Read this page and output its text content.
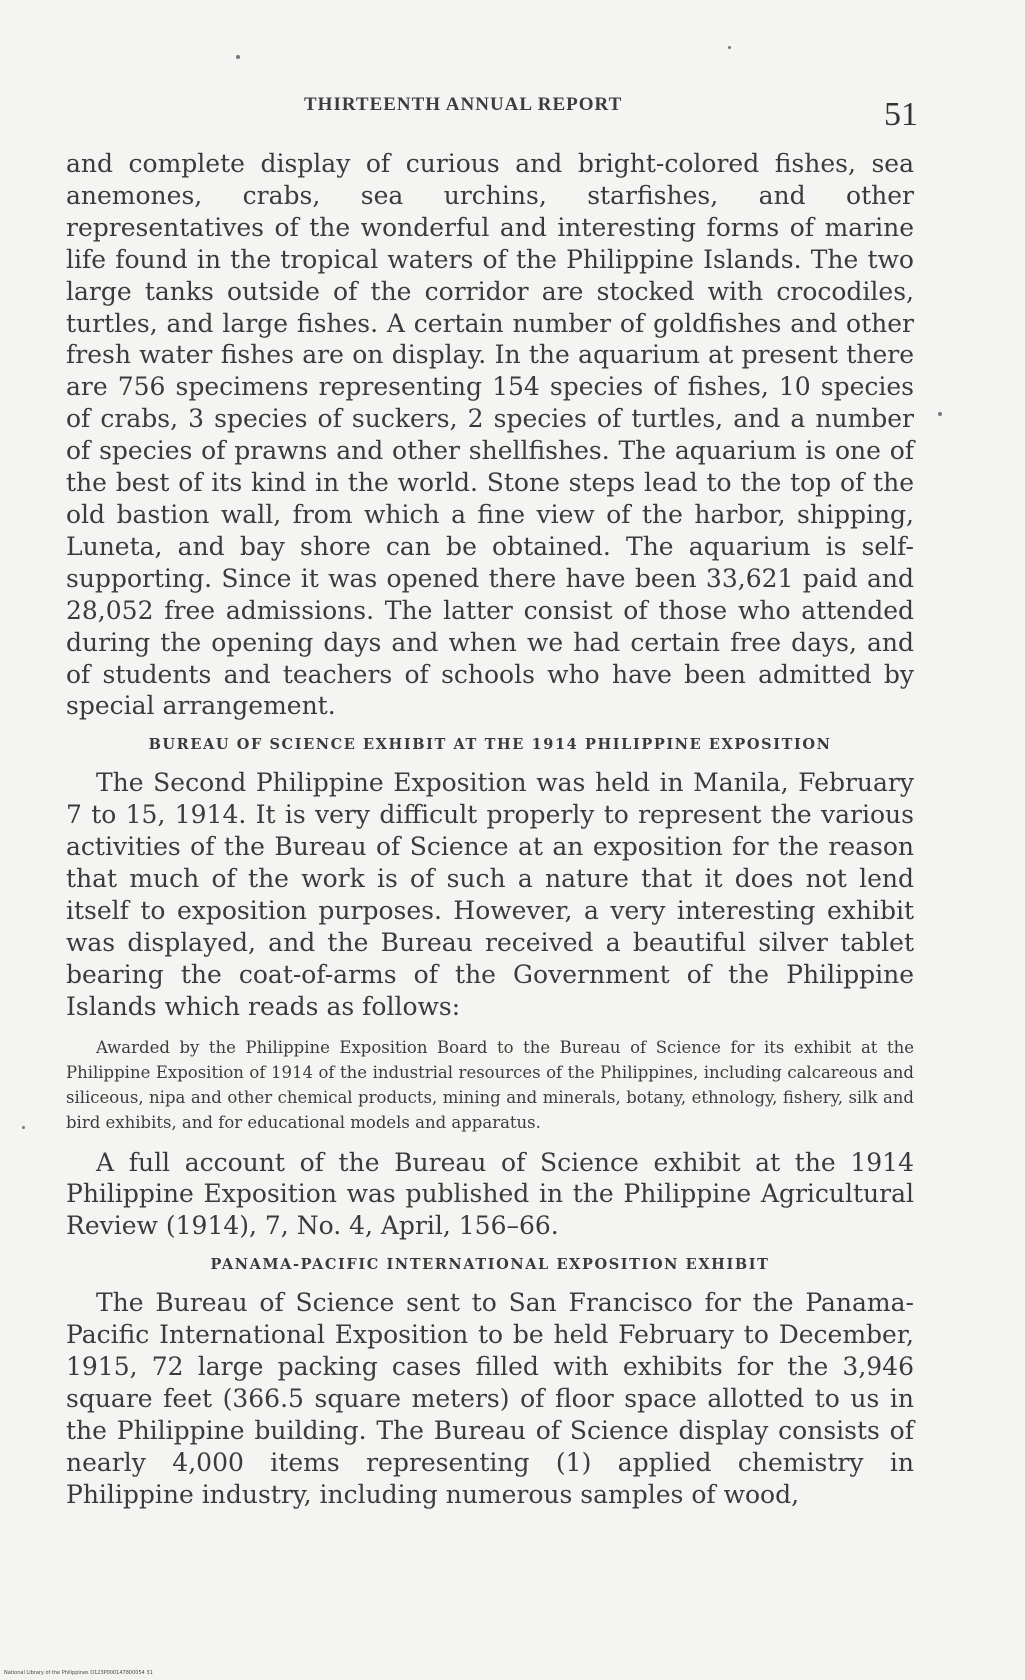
THIRTEENTH ANNUAL REPORT	51

and complete display of curious and bright-colored fishes, sea anemones, crabs, sea urchins, starfishes, and other representatives of the wonderful and interesting forms of marine life found in the tropical waters of the Philippine Islands. The two large tanks outside of the corridor are stocked with crocodiles, turtles, and large fishes. A certain number of goldfishes and other fresh water fishes are on display. In the aquarium at present there are 756 specimens representing 154 species of fishes, 10 species of crabs, 3 species of suckers, 2 species of turtles, and a number of species of prawns and other shellfishes. The aquarium is one of the best of its kind in the world. Stone steps lead to the top of the old bastion wall, from which a fine view of the harbor, shipping, Luneta, and bay shore can be obtained. The aquarium is self-supporting. Since it was opened there have been 33,621 paid and 28,052 free admissions. The latter consist of those who attended during the opening days and when we had certain free days, and of students and teachers of schools who have been admitted by special arrangement.

BUREAU OF SCIENCE EXHIBIT AT THE 1914 PHILIPPINE EXPOSITION

The Second Philippine Exposition was held in Manila, February 7 to 15, 1914. It is very difficult properly to represent the various activities of the Bureau of Science at an exposition for the reason that much of the work is of such a nature that it does not lend itself to exposition purposes. However, a very interesting exhibit was displayed, and the Bureau received a beautiful silver tablet bearing the coat-of-arms of the Government of the Philippine Islands which reads as follows:

Awarded by the Philippine Exposition Board to the Bureau of Science for its exhibit at the Philippine Exposition of 1914 of the industrial resources of the Philippines, including calcareous and siliceous, nipa and other chemical products, mining and minerals, botany, ethnology, fishery, silk and bird exhibits, and for educational models and apparatus.

A full account of the Bureau of Science exhibit at the 1914 Philippine Exposition was published in the Philippine Agricultural Review (1914), 7, No. 4, April, 156–66.

PANAMA-PACIFIC INTERNATIONAL EXPOSITION EXHIBIT

The Bureau of Science sent to San Francisco for the Panama-Pacific International Exposition to be held February to December, 1915, 72 large packing cases filled with exhibits for the 3,946 square feet (366.5 square meters) of floor space allotted to us in the Philippine building. The Bureau of Science display consists of nearly 4,000 items representing (1) applied chemistry in Philippine industry, including numerous samples of wood,

National Library of the Philippines D123P000147800054 31
